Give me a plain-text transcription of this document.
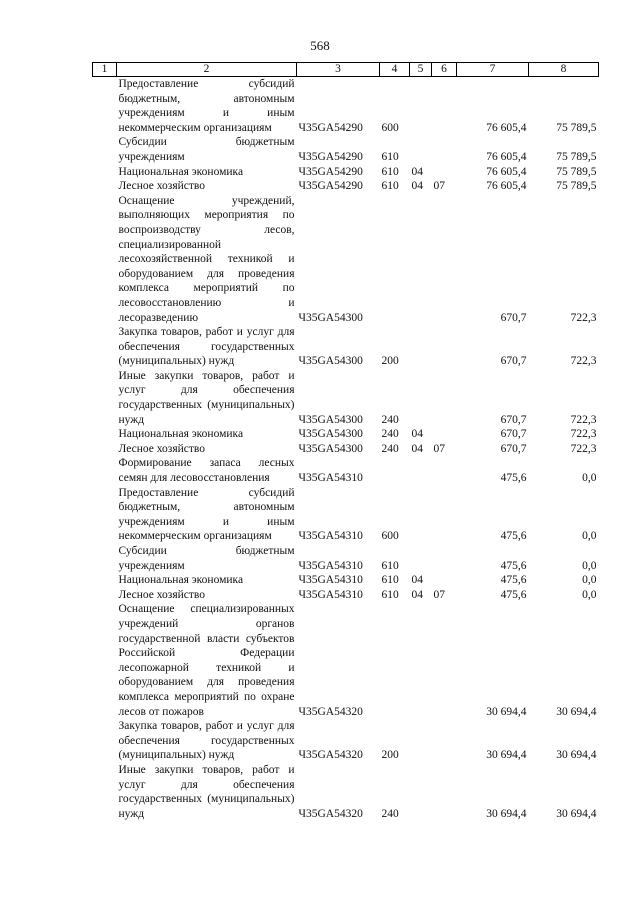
568
1	2	3	4	5	6	7	8
	Предоставление субсидий бюджетным, автономным учреждениям и иным некоммерческим организациям	Ч35GA54290	600			76 605,4	75 789,5
	Субсидии бюджетным учреждениям	Ч35GA54290	610			76 605,4	75 789,5
	Национальная экономика	Ч35GA54290	610	04		76 605,4	75 789,5
	Лесное хозяйство	Ч35GA54290	610	04	07	76 605,4	75 789,5
	Оснащение учреждений, выполняющих мероприятия по воспроизводству лесов, специализированной лесохозяйственной техникой и оборудованием для проведения комплекса мероприятий по лесовосстановлению и лесоразведению	Ч35GA54300				670,7	722,3
	Закупка товаров, работ и услуг для обеспечения государственных (муниципальных) нужд	Ч35GA54300	200			670,7	722,3
	Иные закупки товаров, работ и услуг для обеспечения государственных (муниципальных) нужд	Ч35GA54300	240			670,7	722,3
	Национальная экономика	Ч35GA54300	240	04		670,7	722,3
	Лесное хозяйство	Ч35GA54300	240	04	07	670,7	722,3
	Формирование запаса лесных семян для лесовосстановления	Ч35GA54310				475,6	0,0
	Предоставление субсидий бюджетным, автономным учреждениям и иным некоммерческим организациям	Ч35GA54310	600			475,6	0,0
	Субсидии бюджетным учреждениям	Ч35GA54310	610			475,6	0,0
	Национальная экономика	Ч35GA54310	610	04		475,6	0,0
	Лесное хозяйство	Ч35GA54310	610	04	07	475,6	0,0
	Оснащение специализированных учреждений органов государственной власти субъектов Российской Федерации лесопожарной техникой и оборудованием для проведения комплекса мероприятий по охране лесов от пожаров	Ч35GA54320				30 694,4	30 694,4
	Закупка товаров, работ и услуг для обеспечения государственных (муниципальных) нужд	Ч35GA54320	200			30 694,4	30 694,4
	Иные закупки товаров, работ и услуг для обеспечения государственных (муниципальных) нужд	Ч35GA54320	240			30 694,4	30 694,4
